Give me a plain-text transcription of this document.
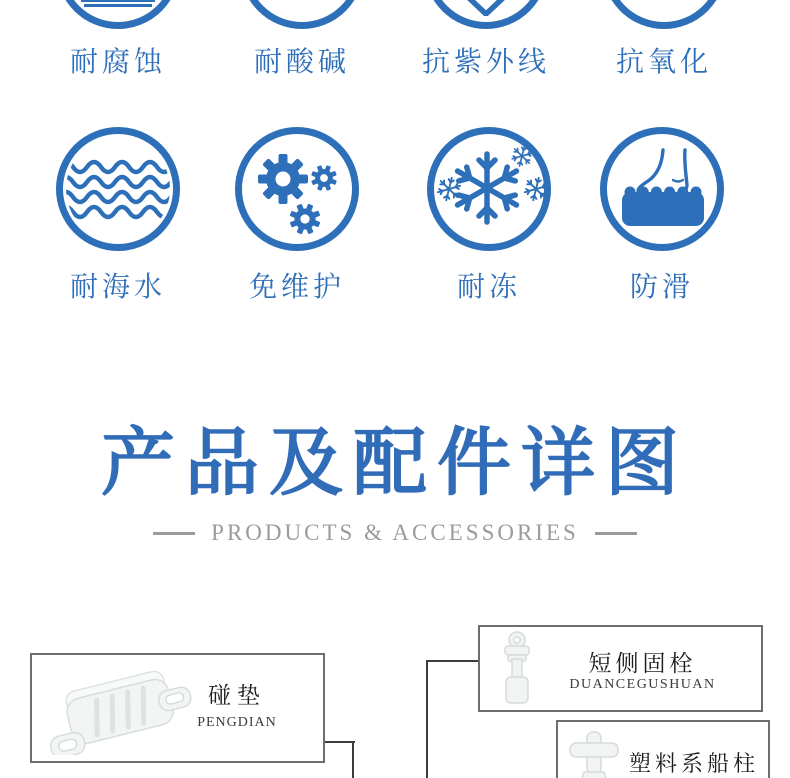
耐腐蚀	耐酸碱	抗紫外线	抗氧化
耐海水	免维护	耐冻	防滑
产品及配件详图
PRODUCTS & ACCESSORIES
碰垫
PENGDIAN
短侧固栓
DUANCEGUSHUAN
塑料系船柱
